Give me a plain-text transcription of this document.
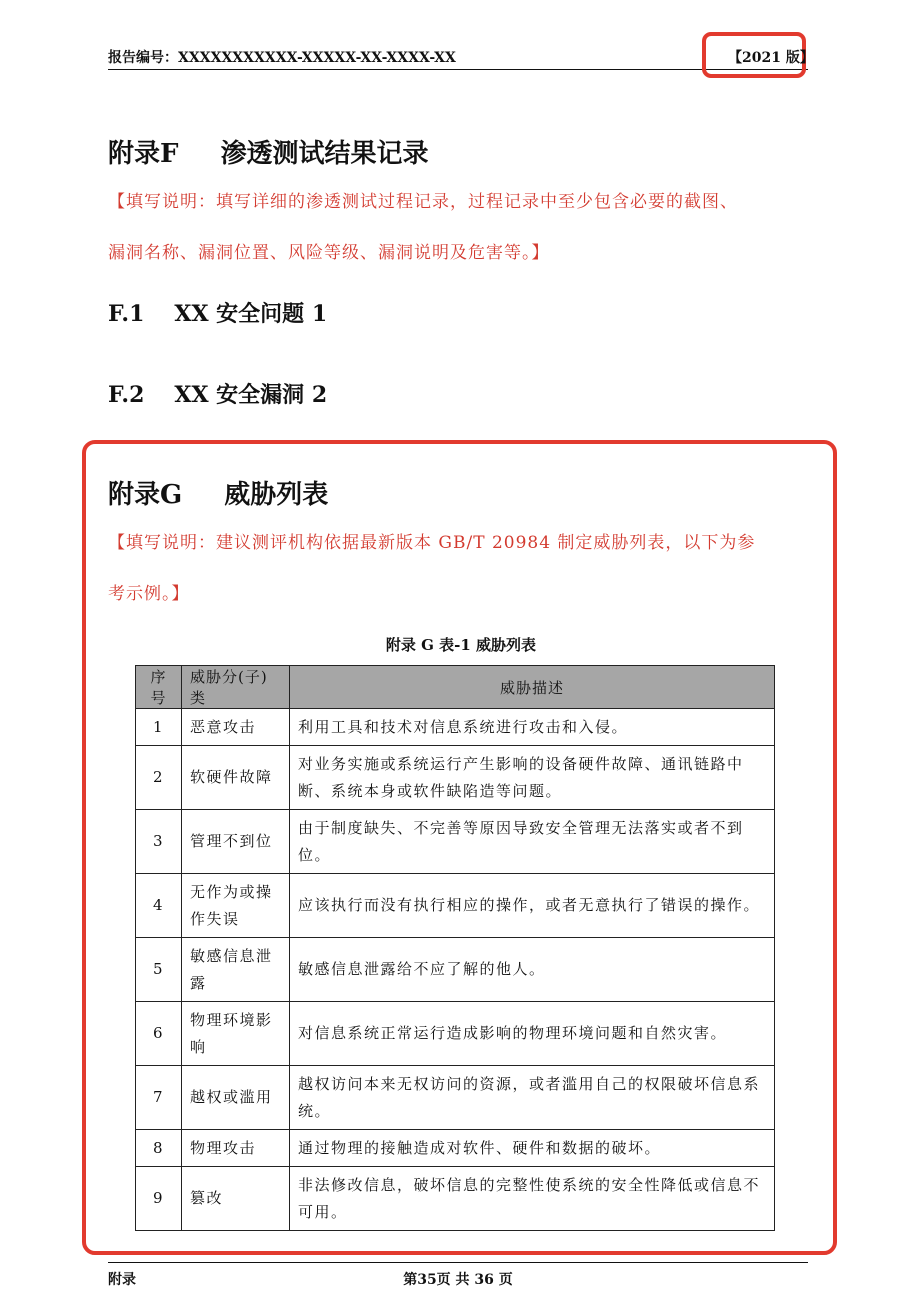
报告编号：XXXXXXXXXXX-XXXXX-XX-XXXX-XX	【2021 版】
附录F 渗透测试结果记录
【填写说明：填写详细的渗透测试过程记录，过程记录中至少包含必要的截图、
漏洞名称、漏洞位置、风险等级、漏洞说明及危害等。】
F.1 XX 安全问题 1
F.2 XX 安全漏洞 2
附录G 威胁列表
【填写说明：建议测评机构依据最新版本 GB/T 20984 制定威胁列表，以下为参
考示例。】
附录 G 表-1 威胁列表
序号	威胁分(子)类	威胁描述
1	恶意攻击	利用工具和技术对信息系统进行攻击和入侵。
2	软硬件故障	对业务实施或系统运行产生影响的设备硬件故障、通讯链路中断、系统本身或软件缺陷造等问题。
3	管理不到位	由于制度缺失、不完善等原因导致安全管理无法落实或者不到位。
4	无作为或操作失误	应该执行而没有执行相应的操作，或者无意执行了错误的操作。
5	敏感信息泄露	敏感信息泄露给不应了解的他人。
6	物理环境影响	对信息系统正常运行造成影响的物理环境问题和自然灾害。
7	越权或滥用	越权访问本来无权访问的资源，或者滥用自己的权限破坏信息系统。
8	物理攻击	通过物理的接触造成对软件、硬件和数据的破坏。
9	篡改	非法修改信息，破坏信息的完整性使系统的安全性降低或信息不可用。
附录	第35页 共 36 页
